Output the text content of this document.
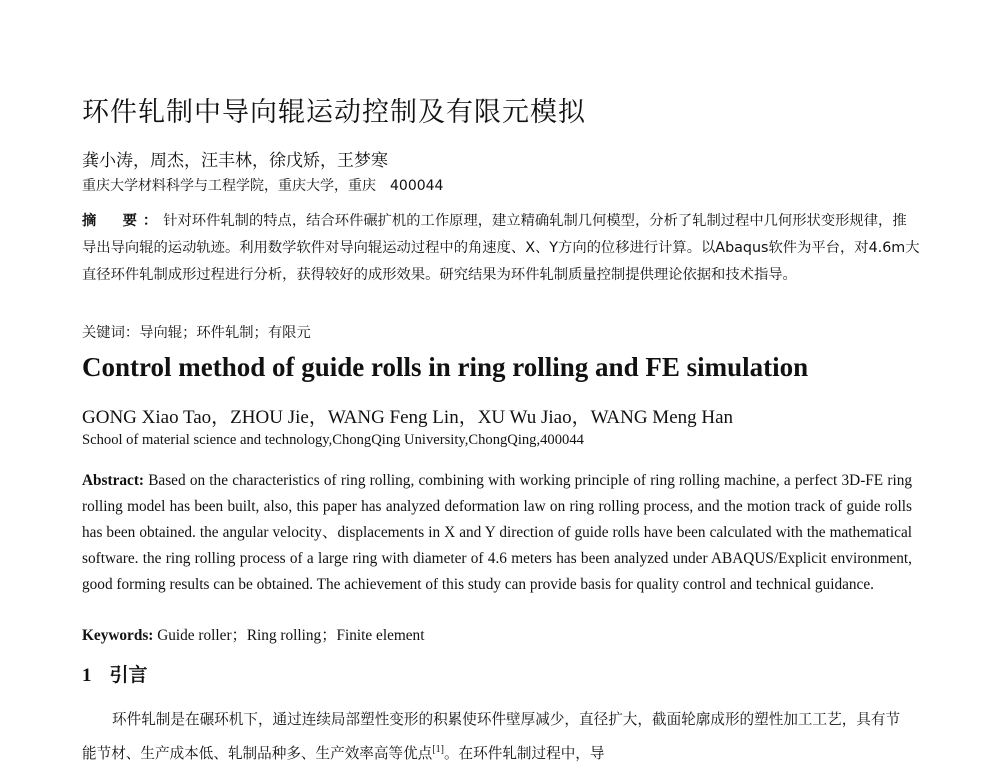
环件轧制中导向辊运动控制及有限元模拟

龚小涛，周杰，汪丰林，徐戊矫，王梦寒

重庆大学材料科学与工程学院，重庆大学，重庆　400044

摘　要：针对环件轧制的特点，结合环件碾扩机的工作原理，建立精确轧制几何模型，分析了轧制过程中几何形状变形规律，推导出导向辊的运动轨迹。利用数学软件对导向辊运动过程中的角速度、X、Y方向的位移进行计算。以Abaqus软件为平台，对4.6m大直径环件轧制成形过程进行分析，获得较好的成形效果。研究结果为环件轧制质量控制提供理论依据和技术指导。

关键词：导向辊；环件轧制；有限元

Control method of guide rolls in ring rolling and FE simulation

GONG Xiao Tao，ZHOU Jie，WANG Feng Lin，XU Wu Jiao，WANG Meng Han

School of material science and technology,ChongQing University,ChongQing,400044

Abstract: Based on the characteristics of ring rolling, combining with working principle of ring rolling machine, a perfect 3D-FE ring rolling model has been built, also, this paper has analyzed deformation law on ring rolling process, and the motion track of guide rolls has been obtained. the angular velocity、displacements in X and Y direction of guide rolls have been calculated with the mathematical software. the ring rolling process of a large ring with diameter of 4.6 meters has been analyzed under ABAQUS/Explicit environment, good forming results can be obtained. The achievement of this study can provide basis for quality control and technical guidance.

Keywords: Guide roller；Ring rolling；Finite element

1 引言

环件轧制是在碾环机下，通过连续局部塑性变形的积累使环件壁厚减少，直径扩大，截面轮廓成形的塑性加工工艺，具有节能节材、生产成本低、轧制品种多、生产效率高等优点[1]。在环件轧制过程中，导
